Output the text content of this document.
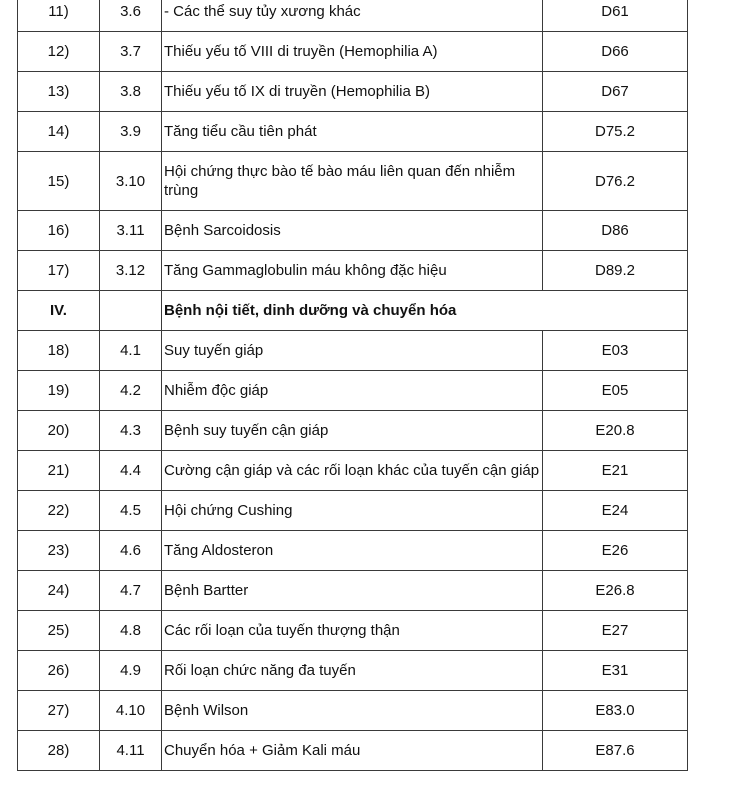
11)	3.6	- Các thể suy tủy xương khác	D61
12)	3.7	Thiếu yếu tố VIII di truyền (Hemophilia A)	D66
13)	3.8	Thiếu yếu tố IX di truyền (Hemophilia B)	D67
14)	3.9	Tăng tiểu cầu tiên phát	D75.2
15)	3.10	Hội chứng thực bào tế bào máu liên quan đến nhiễm trùng	D76.2
16)	3.11	Bệnh Sarcoidosis	D86
17)	3.12	Tăng Gammaglobulin máu không đặc hiệu	D89.2
IV.		Bệnh nội tiết, dinh dưỡng và chuyển hóa	
18)	4.1	Suy tuyến giáp	E03
19)	4.2	Nhiễm độc giáp	E05
20)	4.3	Bệnh suy tuyến cận giáp	E20.8
21)	4.4	Cường cận giáp và các rối loạn khác của tuyến cận giáp	E21
22)	4.5	Hội chứng Cushing	E24
23)	4.6	Tăng Aldosteron	E26
24)	4.7	Bệnh Bartter	E26.8
25)	4.8	Các rối loạn của tuyến thượng thận	E27
26)	4.9	Rối loạn chức năng đa tuyến	E31
27)	4.10	Bệnh Wilson	E83.0
28)	4.11	Chuyển hóa + Giảm Kali máu	E87.6
